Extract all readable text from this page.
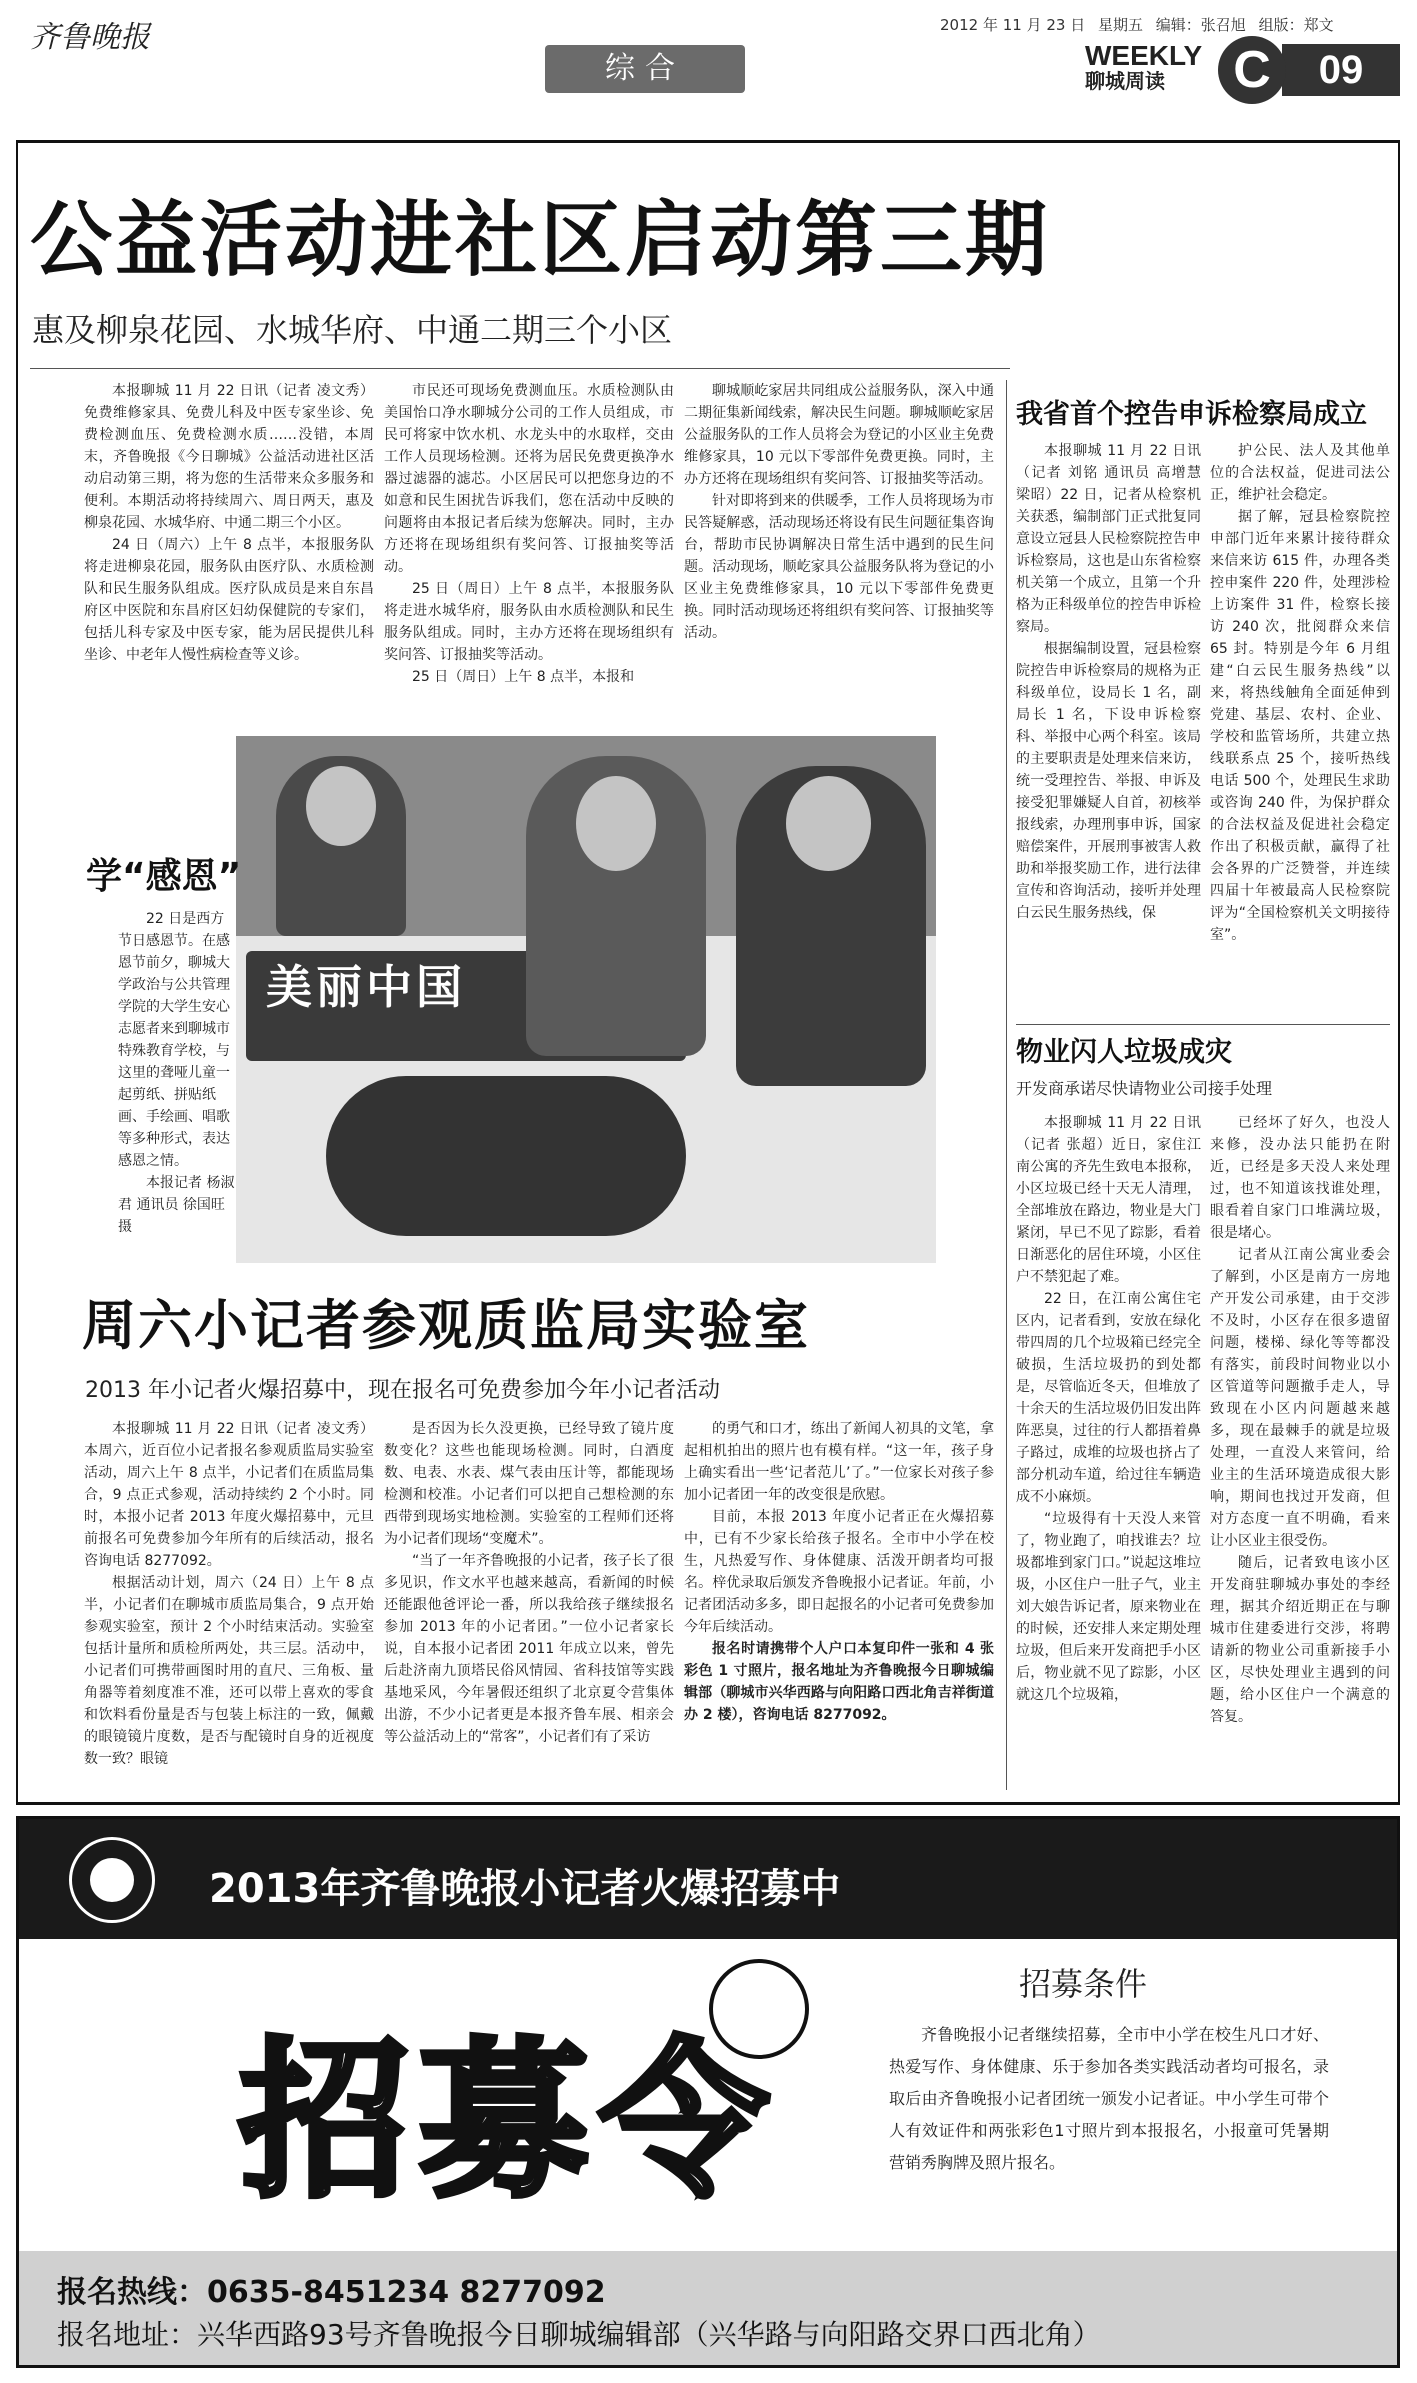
齐鲁晚报	2012 年 11 月 23 日 星期五 编辑：张召旭 组版：郑文
综合	WEEKLY
聊城周读	09
C
公益活动进社区启动第三期
惠及柳泉花园、水城华府、中通二期三个小区

本报聊城 11 月 22 日讯（记者 凌文秀）免费维修家具、免费儿科及中医专家坐诊、免费检测血压、免费检测水质……没错，本周末，齐鲁晚报《今日聊城》公益活动进社区活动启动第三期，将为您的生活带来众多服务和便利。本期活动将持续周六、周日两天，惠及柳泉花园、水城华府、中通二期三个小区。

24 日（周六）上午 8 点半，本报服务队将走进柳泉花园，服务队由医疗队、水质检测队和民生服务队组成。医疗队成员是来自东昌府区中医院和东昌府区妇幼保健院的专家们，包括儿科专家及中医专家，能为居民提供儿科坐诊、中老年人慢性病检查等义诊。

市民还可现场免费测血压。水质检测队由美国怡口净水聊城分公司的工作人员组成，市民可将家中饮水机、水龙头中的水取样，交由工作人员现场检测。还将为居民免费更换净水器过滤器的滤芯。小区居民可以把您身边的不如意和民生困扰告诉我们，您在活动中反映的问题将由本报记者后续为您解决。同时，主办方还将在现场组织有奖问答、订报抽奖等活动。

25 日（周日）上午 8 点半，本报服务队将走进水城华府，服务队由水质检测队和民生服务队组成。同时，主办方还将在现场组织有奖问答、订报抽奖等活动。

25 日（周日）上午 8 点半，本报和

聊城顺屹家居共同组成公益服务队，深入中通二期征集新闻线索，解决民生问题。聊城顺屹家居公益服务队的工作人员将会为登记的小区业主免费维修家具，10 元以下零部件免费更换。同时，主办方还将在现场组织有奖问答、订报抽奖等活动。

针对即将到来的供暖季，工作人员将现场为市民答疑解惑，活动现场还将设有民生问题征集咨询台，帮助市民协调解决日常生活中遇到的民生问题。活动现场，顺屹家具公益服务队将为登记的小区业主免费维修家具，10 元以下零部件免费更换。同时活动现场还将组织有奖问答、订报抽奖等活动。

我省首个控告申诉检察局成立

本报聊城 11 月 22 日讯（记者 刘铭 通讯员 高增慧 梁昭）22 日，记者从检察机关获悉，编制部门正式批复同意设立冠县人民检察院控告申诉检察局，这也是山东省检察机关第一个成立，且第一个升格为正科级单位的控告申诉检察局。

根据编制设置，冠县检察院控告申诉检察局的规格为正科级单位，设局长 1 名，副局长 1 名，下设申诉检察科、举报中心两个科室。该局的主要职责是处理来信来访，统一受理控告、举报、申诉及接受犯罪嫌疑人自首，初核举报线索，办理刑事申诉，国家赔偿案件，开展刑事被害人救助和举报奖励工作，进行法律宣传和咨询活动，接听并处理白云民生服务热线，保

护公民、法人及其他单位的合法权益，促进司法公正，维护社会稳定。

据了解，冠县检察院控申部门近年来累计接待群众来信来访 615 件，办理各类控申案件 220 件，处理涉检上访案件 31 件，检察长接访 240 次，批阅群众来信 65 封。特别是今年 6 月组建“白云民生服务热线”以来，将热线触角全面延伸到党建、基层、农村、企业、学校和监管场所，共建立热线联系点 25 个，接听热线电话 500 个，处理民生求助或咨询 240 件，为保护群众的合法权益及促进社会稳定作出了积极贡献，赢得了社会各界的广泛赞誉，并连续四届十年被最高人民检察院评为“全国检察机关文明接待室”。

物业闪人垃圾成灾
开发商承诺尽快请物业公司接手处理

本报聊城 11 月 22 日讯（记者 张超）近日，家住江南公寓的齐先生致电本报称，小区垃圾已经十天无人清理，全部堆放在路边，物业是大门紧闭，早已不见了踪影，看着日渐恶化的居住环境，小区住户不禁犯起了难。

22 日，在江南公寓住宅区内，记者看到，安放在绿化带四周的几个垃圾箱已经完全破损，生活垃圾扔的到处都是，尽管临近冬天，但堆放了十余天的生活垃圾仍旧发出阵阵恶臭，过往的行人都捂着鼻子路过，成堆的垃圾也挤占了部分机动车道，给过往车辆造成不小麻烦。

“垃圾得有十天没人来管了，物业跑了，咱找谁去？垃圾都堆到家门口。”说起这堆垃圾，小区住户一肚子气，业主刘大娘告诉记者，原来物业在的时候，还安排人来定期处理垃圾，但后来开发商把手小区后，物业就不见了踪影，小区就这几个垃圾箱，

已经坏了好久，也没人来修，没办法只能扔在附近，已经是多天没人来处理过，也不知道该找谁处理，眼看着自家门口堆满垃圾，很是堵心。

记者从江南公寓业委会了解到，小区是南方一房地产开发公司承建，由于交涉不及时，小区存在很多遗留问题，楼梯、绿化等等都没有落实，前段时间物业以小区管道等问题撤手走人，导致现在小区内问题越来越多，现在最棘手的就是垃圾处理，一直没人来管问，给业主的生活环境造成很大影响，期间也找过开发商，但对方态度一直不明确，看来让小区业主很受伤。

随后，记者致电该小区开发商驻聊城办事处的李经理，据其介绍近期正在与聊城市住建委进行交涉，将聘请新的物业公司重新接手小区，尽快处理业主遇到的问题，给小区住户一个满意的答复。

美丽中国
学“感恩”

22 日是西方节日感恩节。在感恩节前夕，聊城大学政治与公共管理学院的大学生安心志愿者来到聊城市特殊教育学校，与这里的聋哑儿童一起剪纸、拼贴纸画、手绘画、唱歌等多种形式，表达感恩之情。

本报记者 杨淑君 通讯员 徐国旺摄

周六小记者参观质监局实验室
2013 年小记者火爆招募中，现在报名可免费参加今年小记者活动

本报聊城 11 月 22 日讯（记者 凌文秀）本周六，近百位小记者报名参观质监局实验室活动，周六上午 8 点半，小记者们在质监局集合，9 点正式参观，活动持续约 2 个小时。同时，本报小记者 2013 年度火爆招募中，元旦前报名可免费参加今年所有的后续活动，报名咨询电话 8277092。

根据活动计划，周六（24 日）上午 8 点半，小记者们在聊城市质监局集合，9 点开始参观实验室，预计 2 个小时结束活动。实验室包括计量所和质检所两处，共三层。活动中，小记者们可携带画图时用的直尺、三角板、量角器等着刻度准不准，还可以带上喜欢的零食和饮料看份量是否与包装上标注的一致，佩戴的眼镜镜片度数，是否与配镜时自身的近视度数一致？眼镜

是否因为长久没更换，已经导致了镜片度数变化？这些也能现场检测。同时，白酒度数、电表、水表、煤气表由压计等，都能现场检测和校准。小记者们可以把自己想检测的东西带到现场实地检测。实验室的工程师们还将为小记者们现场“变魔术”。

“当了一年齐鲁晚报的小记者，孩子长了很多见识，作文水平也越来越高，看新闻的时候还能跟他爸评论一番，所以我给孩子继续报名参加 2013 年的小记者团。”一位小记者家长说，自本报小记者团 2011 年成立以来，曾先后赴济南九顶塔民俗风情园、省科技馆等实践基地采风，今年暑假还组织了北京夏令营集体出游，不少小记者更是本报齐鲁车展、相亲会等公益活动上的“常客”，小记者们有了采访

的勇气和口才，练出了新闻人初具的文笔，拿起相机拍出的照片也有模有样。“这一年，孩子身上确实看出一些‘记者范儿’了。”一位家长对孩子参加小记者团一年的改变很是欣慰。

目前，本报 2013 年度小记者正在火爆招募中，已有不少家长给孩子报名。全市中小学在校生，凡热爱写作、身体健康、活泼开朗者均可报名。梓优录取后颁发齐鲁晚报小记者证。年前，小记者团活动多多，即日起报名的小记者可免费参加今年后续活动。

报名时请携带个人户口本复印件一张和 4 张彩色 1 寸照片，报名地址为齐鲁晚报今日聊城编辑部（聊城市兴华西路与向阳路口西北角吉祥街道办 2 楼），咨询电话 8277092。

2013年齐鲁晚报小记者火爆招募中
招募令
招募条件

齐鲁晚报小记者继续招募，全市中小学在校生凡口才好、热爱写作、身体健康、乐于参加各类实践活动者均可报名，录取后由齐鲁晚报小记者团统一颁发小记者证。中小学生可带个人有效证件和两张彩色1寸照片到本报报名，小报童可凭暑期营销秀胸牌及照片报名。

报名热线：0635-8451234 8277092
报名地址：兴华西路93号齐鲁晚报今日聊城编辑部（兴华路与向阳路交界口西北角）
